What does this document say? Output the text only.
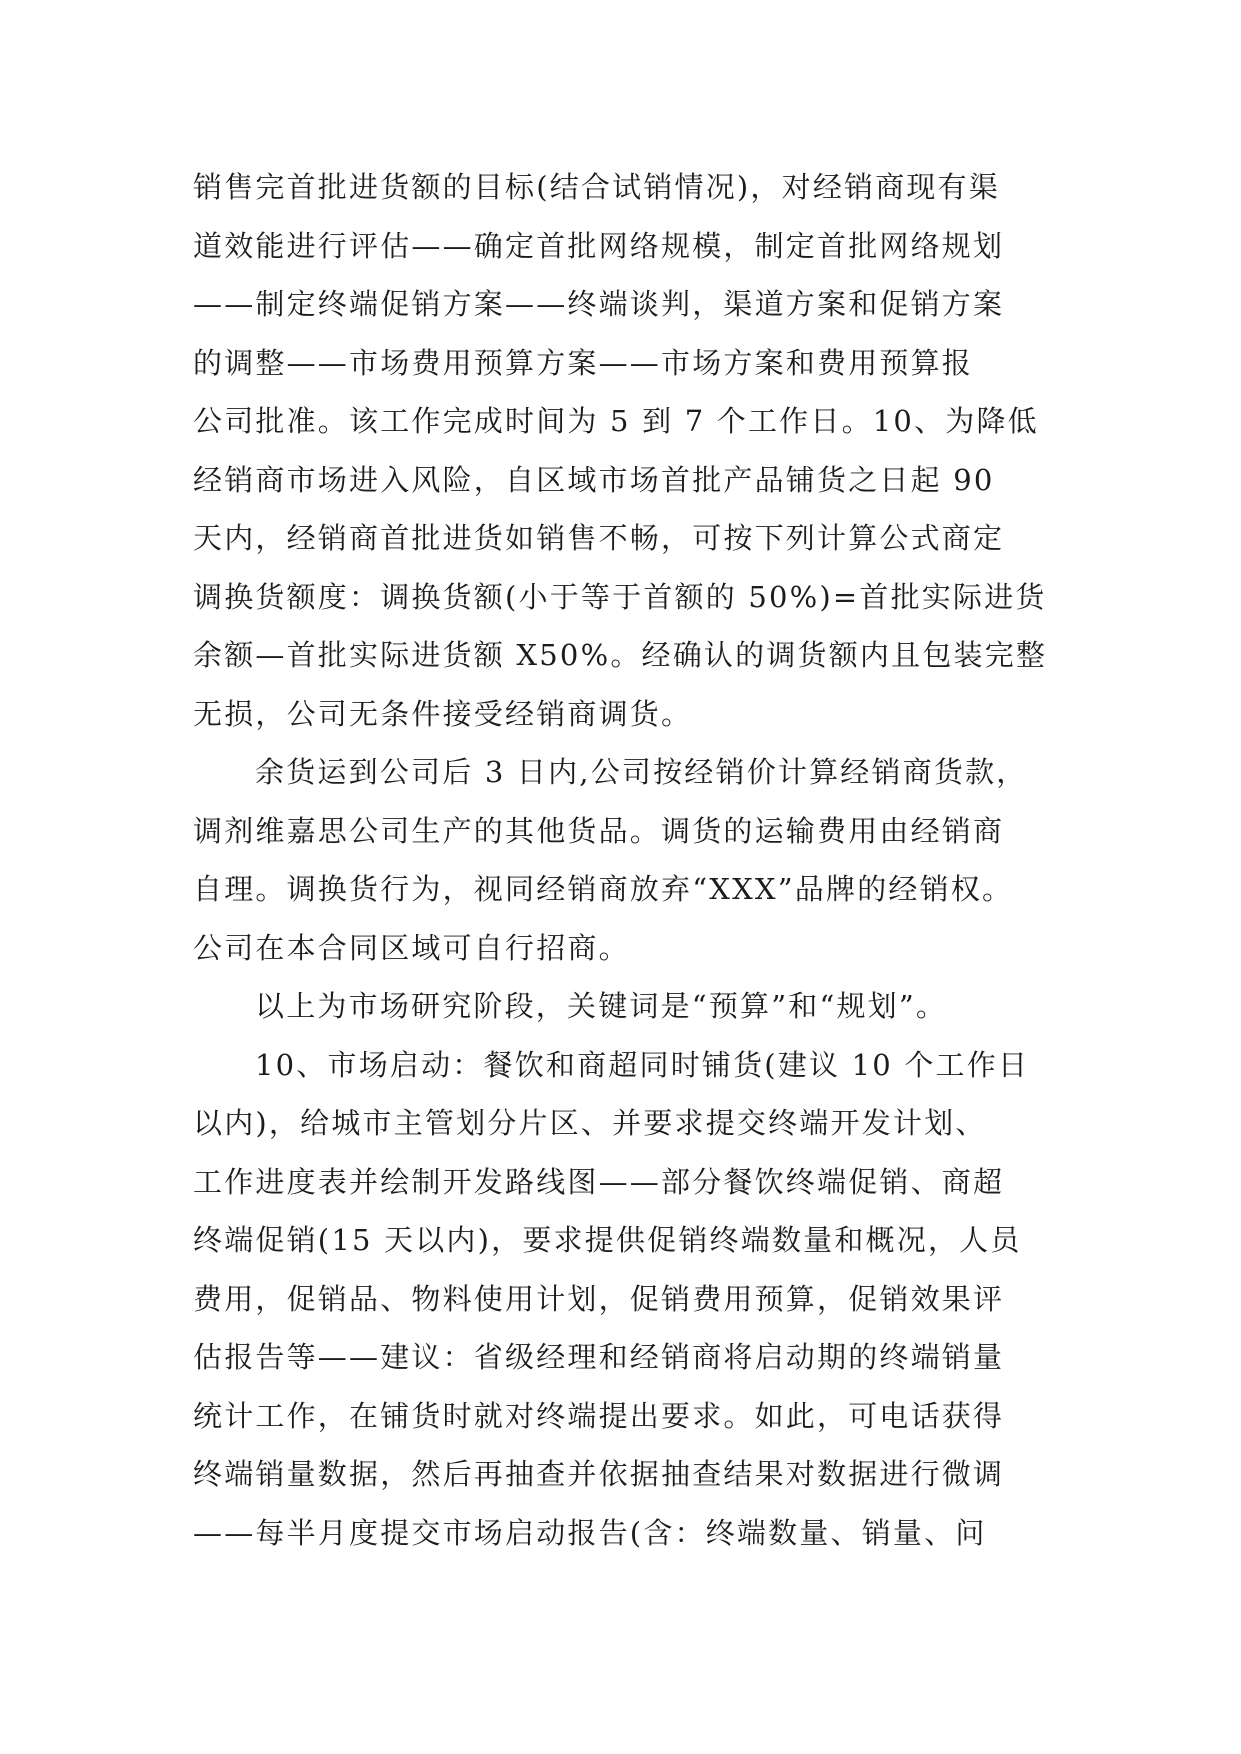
销售完首批进货额的目标(结合试销情况)，对经销商现有渠
道效能进行评估——确定首批网络规模，制定首批网络规划
——制定终端促销方案——终端谈判，渠道方案和促销方案
的调整——市场费用预算方案——市场方案和费用预算报
公司批准。该工作完成时间为 5 到 7 个工作日。10、为降低
经销商市场进入风险，自区域市场首批产品铺货之日起 90
天内，经销商首批进货如销售不畅，可按下列计算公式商定
调换货额度：调换货额(小于等于首额的 50%)=首批实际进货
余额—首批实际进货额 X50%。经确认的调货额内且包装完整
无损，公司无条件接受经销商调货。
余货运到公司后 3 日内,公司按经销价计算经销商货款，
调剂维嘉思公司生产的其他货品。调货的运输费用由经销商
自理。调换货行为，视同经销商放弃“XXX”品牌的经销权。
公司在本合同区域可自行招商。
以上为市场研究阶段，关键词是“预算”和“规划”。
10、市场启动：餐饮和商超同时铺货(建议 10 个工作日
以内)，给城市主管划分片区、并要求提交终端开发计划、
工作进度表并绘制开发路线图——部分餐饮终端促销、商超
终端促销(15 天以内)，要求提供促销终端数量和概况，人员
费用，促销品、物料使用计划，促销费用预算，促销效果评
估报告等——建议：省级经理和经销商将启动期的终端销量
统计工作，在铺货时就对终端提出要求。如此，可电话获得
终端销量数据，然后再抽查并依据抽查结果对数据进行微调
——每半月度提交市场启动报告(含：终端数量、销量、问
